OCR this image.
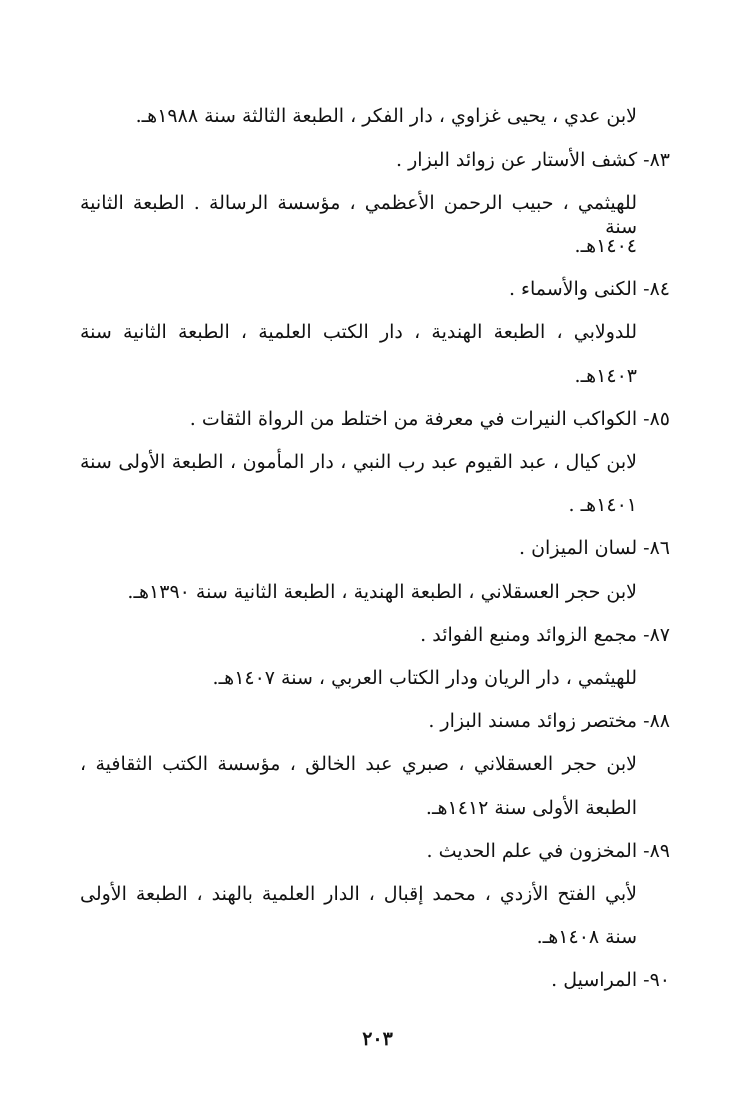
لابن عدي ، يحيى غزاوي ، دار الفكر ، الطبعة الثالثة سنة ١٩٨٨هـ.
٨٣- كشف الأستار عن زوائد البزار .
للهيثمي ، حبيب الرحمن الأعظمي ، مؤسسة الرسالة . الطبعة الثانية سنة
١٤٠٤هـ.
٨٤- الكنى والأسماء .
للدولابي ، الطبعة الهندية ، دار الكتب العلمية ، الطبعة الثانية سنة
١٤٠٣هـ.
٨٥- الكواكب النيرات في معرفة من اختلط من الرواة الثقات .
لابن كيال ، عبد القيوم عبد رب النبي ، دار المأمون ، الطبعة الأولى سنة
١٤٠١هـ .
٨٦- لسان الميزان .
لابن حجر العسقلاني ، الطبعة الهندية ، الطبعة الثانية سنة ١٣٩٠هـ.
٨٧- مجمع الزوائد ومنبع الفوائد .
للهيثمي ، دار الريان ودار الكتاب العربي ، سنة ١٤٠٧هـ.
٨٨- مختصر زوائد مسند البزار .
لابن حجر العسقلاني ، صبري عبد الخالق ، مؤسسة الكتب الثقافية ،
الطبعة الأولى سنة ١٤١٢هـ.
٨٩- المخزون في علم الحديث .
لأبي الفتح الأزدي ، محمد إقبال ، الدار العلمية بالهند ، الطبعة الأولى
سنة ١٤٠٨هـ.
٩٠- المراسيل .
٢٠٣
